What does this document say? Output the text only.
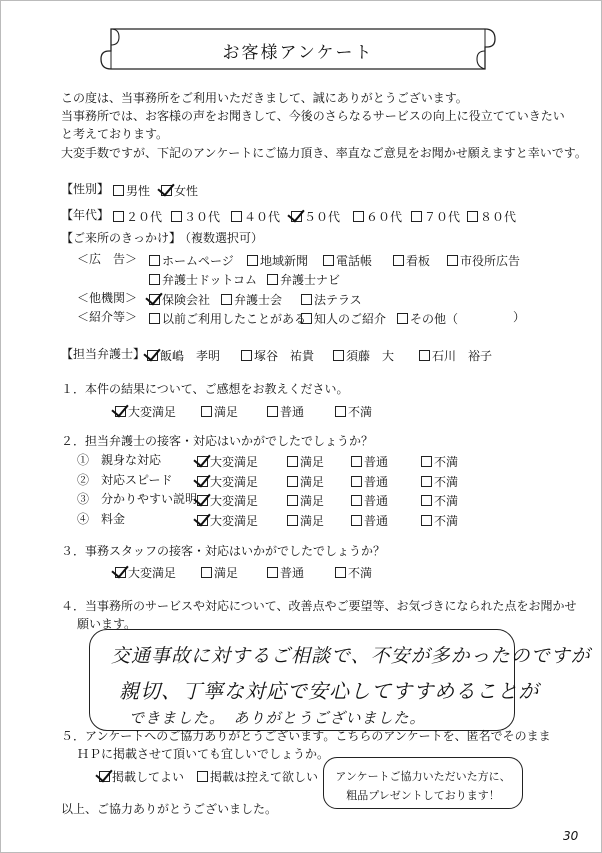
お客様アンケート
この度は、当事務所をご利用いただきまして、誠にありがとうございます。
当事務所では、お客様の声をお聞きして、今後のさらなるサービスの向上に役立てていきたい
と考えております。
大変手数ですが、下記のアンケートにご協力頂き、率直なご意見をお聞かせ願えますと幸いです。
【性別】	男性	女性
【年代】	２０代	３０代	４０代	５０代	６０代	７０代	８０代
【ご来所のきっかけ】
（複数選択可）
＜広　告＞	ホームページ	地域新聞	電話帳	看板	市役所広告
弁護士ドットコム	弁護士ナビ
＜他機関＞	保険会社	弁護士会	法テラス
＜紹介等＞	以前ご利用したことがある 知人のご紹介	その他（	）
【担当弁護士】	飯嶋　孝明	塚谷　祐貴	須藤　大	石川　裕子
１．本件の結果について、ご感想をお教えください。
大変満足	満足	普通	不満
２．担当弁護士の接客・対応はいかがでしたでしょうか？
①　親身な対応	大変満足	満足	普通	不満
②　対応スピード	大変満足	満足	普通	不満
③　分かりやすい説明	大変満足	満足	普通	不満
④　料金	大変満足	満足	普通	不満
３．事務スタッフの接客・対応はいかがでしたでしょうか？
大変満足	満足	普通	不満
４．当事務所のサービスや対応について、改善点やご要望等、お気づきになられた点をお聞かせ
願います。
交通事故に対するご相談で、不安が多かったのですが
親切、丁寧な対応で安心してすすめることが
できました。　ありがとうございました。
５．アンケートへのご協力ありがとうございます。こちらのアンケートを、匿名でそのまま
ＨＰに掲載させて頂いても宜しいでしょうか。
掲載してよい	掲載は控えて欲しい	アンケートご協力いただいた方に、
粗品プレゼントしております！
以上、ご協力ありがとうございました。
30
